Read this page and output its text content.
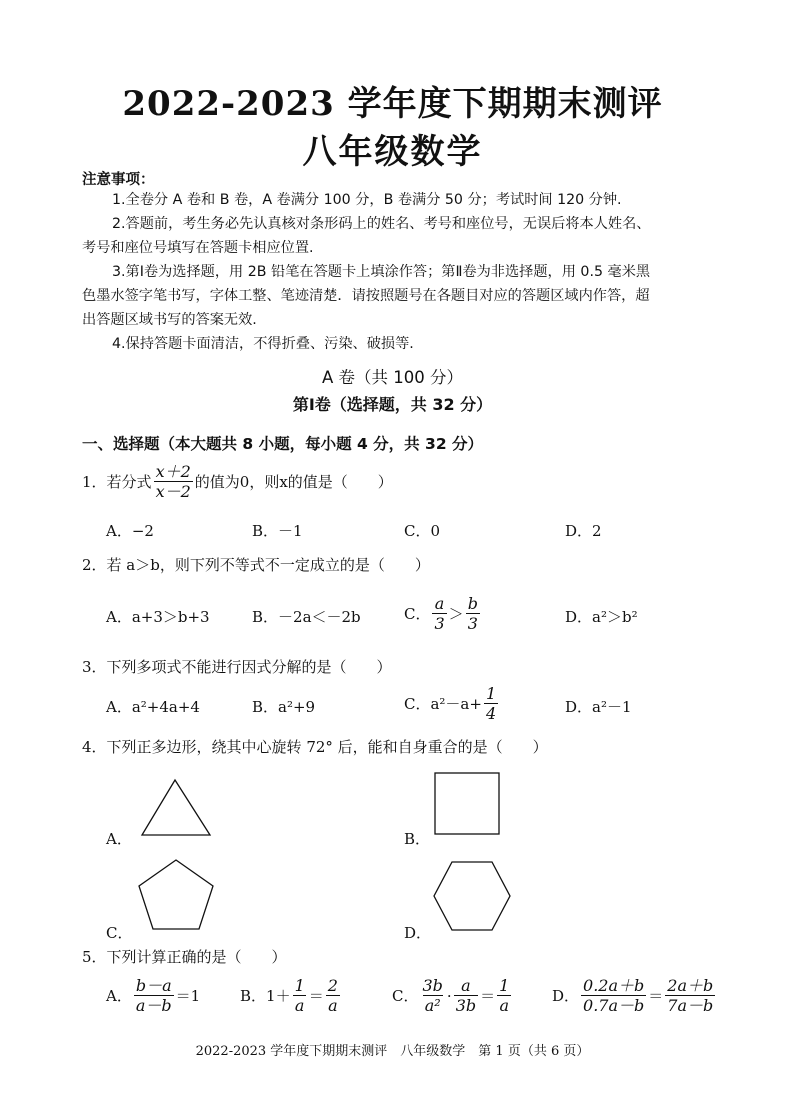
2022-2023 学年度下期期末测评
八年级数学
注意事项：
1.全卷分 A 卷和 B 卷，A 卷满分 100 分，B 卷满分 50 分；考试时间 120 分钟.
2.答题前，考生务必先认真核对条形码上的姓名、考号和座位号，无误后将本人姓名、
考号和座位号填写在答题卡相应位置.
3.第Ⅰ卷为选择题，用 2B 铅笔在答题卡上填涂作答；第Ⅱ卷为非选择题，用 0.5 毫米黑
色墨水签字笔书写，字体工整、笔迹清楚．请按照题号在各题目对应的答题区域内作答，超
出答题区域书写的答案无效.
4.保持答题卡面清洁，不得折叠、污染、破损等.
A 卷（共 100 分）
第Ⅰ卷（选择题，共 32 分）
一、选择题（本大题共 8 小题，每小题 4 分，共 32 分）
1． 若分式 $\frac{x+2}{x-2}$ 的值为0，则x的值是（　　）
A．−2	B．－1	C．0	D．2
2．若 a＞b，则下列不等式不一定成立的是（　　）
A．a+3＞b+3	B．－2a＜－2b	C． $\frac{a}{3} > \frac{b}{3}$	D．a²＞b²
3．下列多项式不能进行因式分解的是（　　）
A．a²+4a+4	B．a²+9	C．$a^2-a+ \frac{1}{4}$	D．a²－1
4．下列正多边形，绕其中心旋转 72° 后，能和自身重合的是（　　）
A．	B．
C．	D．
5．下列计算正确的是（　　）
A． $\frac{b-a}{a-b} =1$	B． $1+ \frac{1}{a} = \frac{2}{a}$	C． $\frac{3b}{\text{a²}} \cdot \frac{a}{3b} = \frac{1}{a}$	D． $\frac{0.2a+b}{0.7a-b} = \frac{2a+b}{7a-b}$
2022-2023 学年度下期期末测评　八年级数学　第 1 页（共 6 页）
